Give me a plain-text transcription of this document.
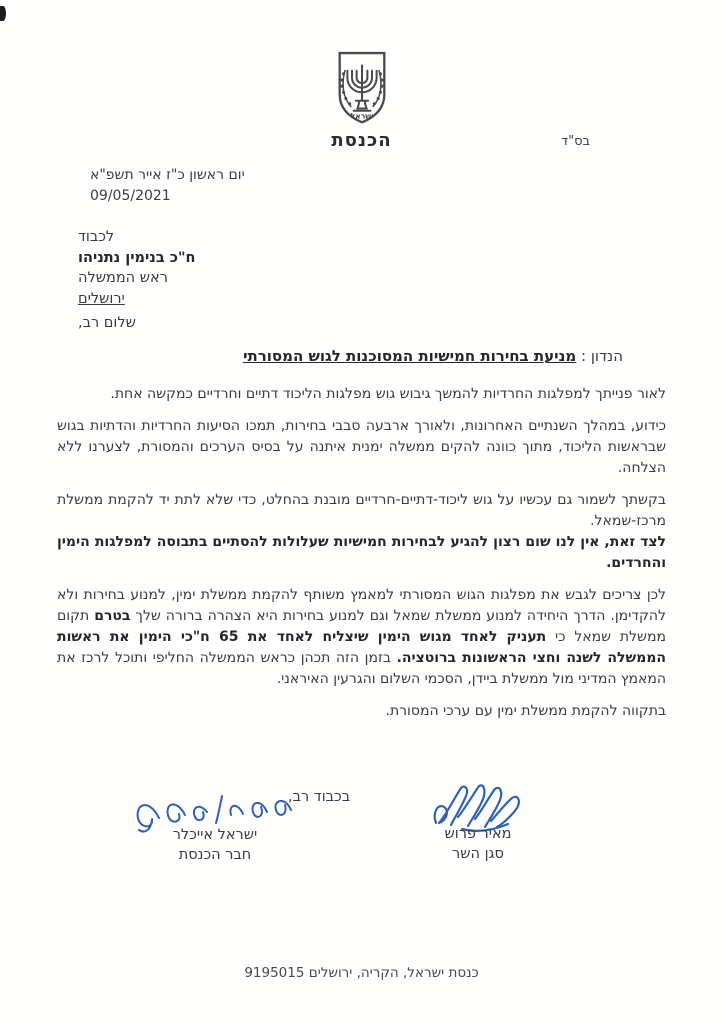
ישראל
הכנסת	בס"ד
יום ראשון כ"ז אייר תשפ"א
09/05/2021
לכבוד
ח"כ בנימין נתניהו
ראש הממשלה
ירושלים
שלום רב,
הנדון : מניעת בחירות חמישיות המסוכנות לגוש המסורתי

לאור פנייתך למפלגות החרדיות להמשך גיבוש גוש מפלגות הליכוד דתיים וחרדיים כמקשה אחת.

כידוע, במהלך השנתיים האחרונות, ולאורך ארבעה סבבי בחירות, תמכו הסיעות החרדיות והדתיות בגוש שבראשות הליכוד, מתוך כוונה להקים ממשלה ימנית איתנה על בסיס הערכים והמסורת, לצערנו ללא הצלחה.

בקשתך לשמור גם עכשיו על גוש ליכוד-דתיים-חרדיים מובנת בהחלט, כדי שלא לתת יד להקמת ממשלת מרכז-שמאל.
לצד זאת, אין לנו שום רצון להגיע לבחירות חמישיות שעלולות להסתיים בתבוסה למפלגות הימין והחרדים.

לכן צריכים לגבש את מפלגות הגוש המסורתי למאמץ משותף להקמת ממשלת ימין, למנוע בחירות ולא להקדימן. הדרך היחידה למנוע ממשלת שמאל וגם למנוע בחירות היא הצהרה ברורה שלך בטרם תקום ממשלת שמאל כי תעניק לאחד מגוש הימין שיצליח לאחד את 65 ח"כי הימין את ראשות הממשלה לשנה וחצי הראשונות ברוטציה. בזמן הזה תכהן כראש הממשלה החליפי ותוכל לרכז את המאמץ המדיני מול ממשלת ביידן, הסכמי השלום והגרעין האיראני.

בתקווה להקמת ממשלת ימין עם ערכי המסורת.

בכבוד רב,
מאיר פרוש
סגן השר
ישראל אייכלר
חבר הכנסת
כנסת ישראל, הקריה, ירושלים 9195015
